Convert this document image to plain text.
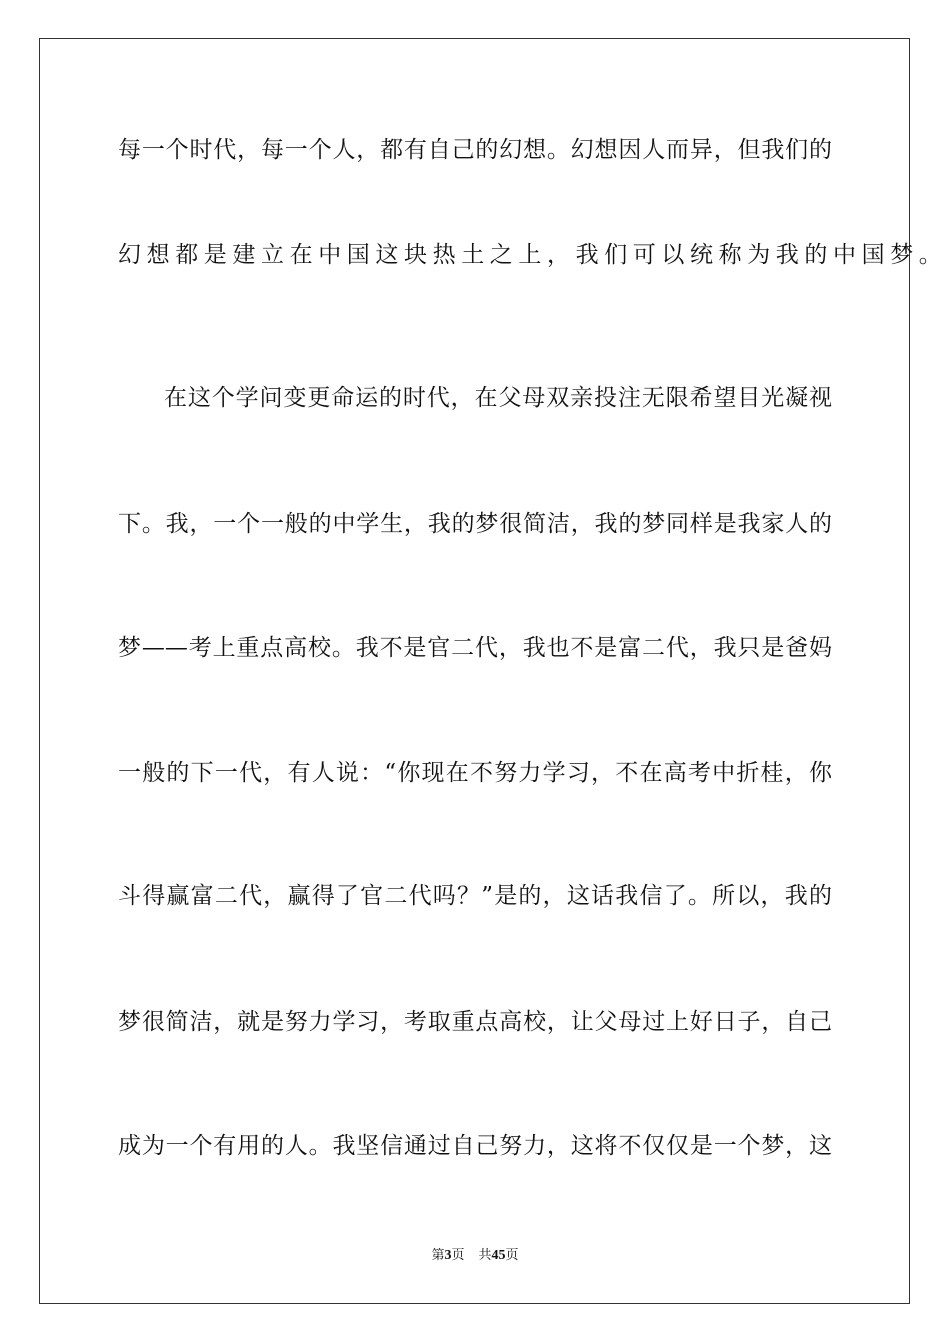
每一个时代，每一个人，都有自己的幻想。幻想因人而异，但我们的
幻想都是建立在中国这块热土之上，我们可以统称为我的中国梦。
在这个学问变更命运的时代，在父母双亲投注无限希望目光凝视
下。我，一个一般的中学生，我的梦很简洁，我的梦同样是我家人的
梦——考上重点高校。我不是官二代，我也不是富二代，我只是爸妈
一般的下一代，有人说：“你现在不努力学习，不在高考中折桂，你
斗得赢富二代，赢得了官二代吗？”是的，这话我信了。所以，我的
梦很简洁，就是努力学习，考取重点高校，让父母过上好日子，自己
成为一个有用的人。我坚信通过自己努力，这将不仅仅是一个梦，这
第3页 共45页
